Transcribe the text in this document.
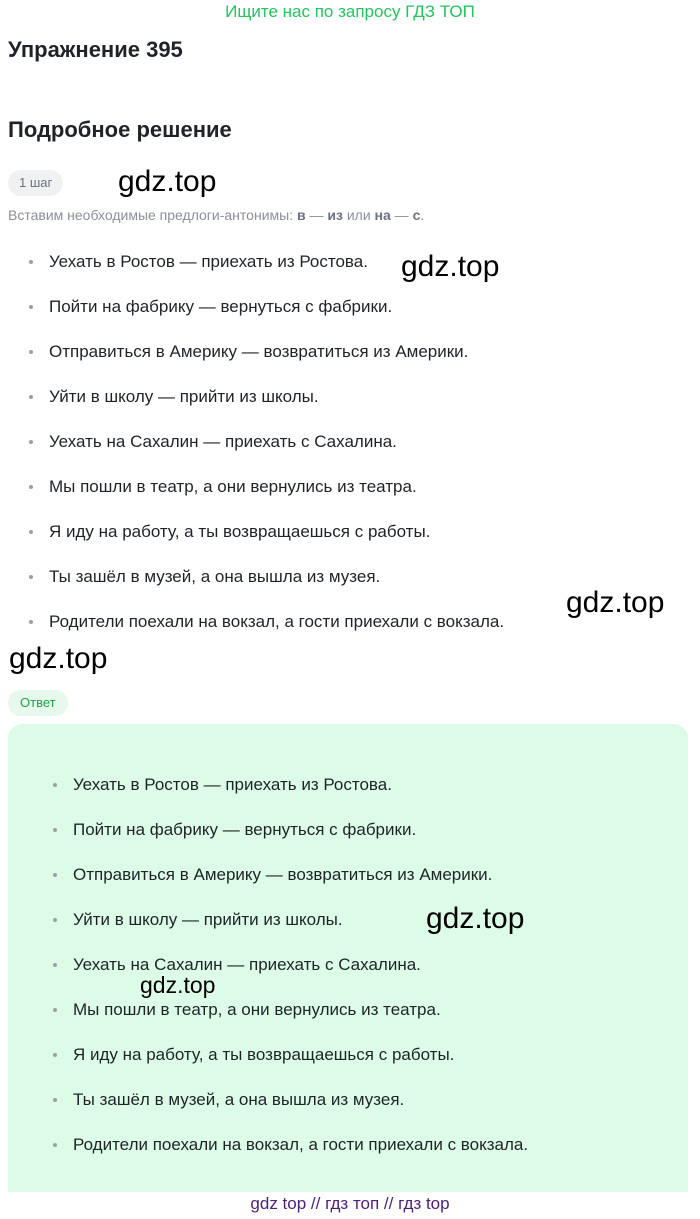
Ищите нас по запросу ГДЗ ТОП
Упражнение 395
Подробное решение
1 шаг

Вставим необходимые предлоги-антонимы: в — из или на — с.

Уехать в Ростов — приехать из Ростова.
Пойти на фабрику — вернуться с фабрики.
Отправиться в Америку — возвратиться из Америки.
Уйти в школу — прийти из школы.
Уехать на Сахалин — приехать с Сахалина.
Мы пошли в театр, а они вернулись из театра.
Я иду на работу, а ты возвращаешься с работы.
Ты зашёл в музей, а она вышла из музея.
Родители поехали на вокзал, а гости приехали с вокзала.
Ответ
Уехать в Ростов — приехать из Ростова.
Пойти на фабрику — вернуться с фабрики.
Отправиться в Америку — возвратиться из Америки.
Уйти в школу — прийти из школы.
Уехать на Сахалин — приехать с Сахалина.
Мы пошли в театр, а они вернулись из театра.
Я иду на работу, а ты возвращаешься с работы.
Ты зашёл в музей, а она вышла из музея.
Родители поехали на вокзал, а гости приехали с вокзала.
gdz.top
gdz.top
gdz.top
gdz.top
gdz.top
gdz.top
gdz top // гдз топ // гдз top
